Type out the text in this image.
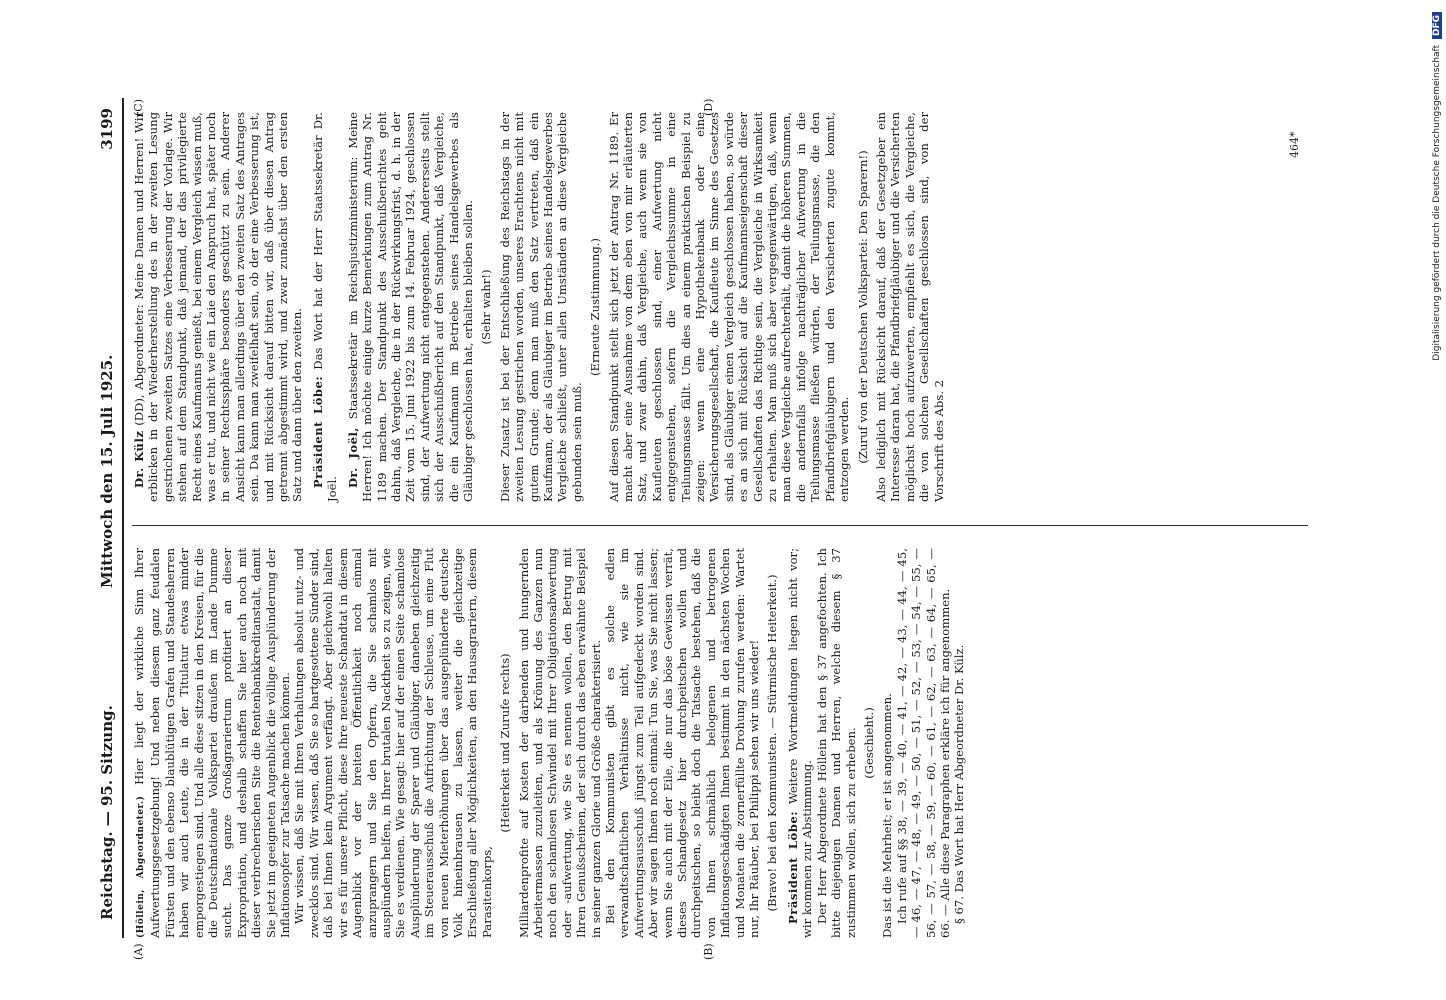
Reichstag. — 95. Sitzung.
Mittwoch den 15. Juli 1925.
3199
(A)	(B)
(C)	(D)

(Höllein, Abgeordneter.) Hier liegt der wirkliche Sinn Ihrer Aufwertungsgesetzgebung! Und neben diesem ganz feudalen Fürsten und den ebenso blaublütigen Grafen und Standesherren haben wir auch Leute, die in der Titulatur etwas minder emporgestiegen sind. Und alle diese sitzen in den Kreisen, für die die Deutschnationale Volkspartei draußen im Lande Dumme sucht. Das ganze Großagrariertum profitiert an dieser Expropriation, und deshalb schaffen Sie hier auch noch mit dieser verbrecherischen Site die Rentenbankkreditanstalt, damit Sie jetzt im geeigneten Augenblick die völlige Ausplünderung der Inflationsopfer zur Tatsache machen können. Wir wissen, daß Sie mit Ihren Verhaltungen absolut nutz- und zwecklos sind. Wir wissen, daß Sie so hartgesottene Sünder sind, daß bei Ihnen kein Argument verfängt. Aber gleichwohl halten wir es für unsere Pflicht, diese Ihre neueste Schandtat in diesem Augenblick vor der breiten Öffentlichkeit noch einmal anzuprangern und Sie den Opfern, die Sie schamlos mit ausplündern helfen, in Ihrer brutalen Nacktheit so zu zeigen, wie Sie es verdienen. Wie gesagt: hier auf der einen Seite schamlose Ausplünderung der Sparer und Gläubiger, daneben gleichzeitig im Steuerausschuß die Aufrichtung der Schleuse, um eine Flut von neuen Mieterhöhungen über das ausgeplünderte deutsche Volk hineinbrausen zu lassen, weiter die gleichzeitige Erschließung aller Möglichkeiten, an den Hausagrariern, diesem Parasitenkorps,

(Heiterkeit und Zurufe rechts) Milliardenprofite auf Kosten der darbenden und hungernden Arbeitermassen zuzuleiten, und als Krönung des Ganzen nun noch den schamlosen Schwindel mit Ihrer Obligationsabwertung oder -aufwertung, wie Sie es nennen wollen, den Betrug mit Ihren Genußscheinen, der sich durch das eben erwähnte Beispiel in seiner ganzen Glorie und Größe charakterisiert. Bei den Kommunisten gibt es solche edlen verwandtschaftlichen Verhältnisse nicht, wie sie im Aufwertungsausschuß jüngst zum Teil aufgedeckt worden sind. Aber wir sagen Ihnen noch einmal: Tun Sie, was Sie nicht lassen; wenn Sie auch mit der Eile, die nur das böse Gewissen verrät, dieses Schandgesetz hier durchpeitschen wollen und durchpeitschen, so bleibt doch die Tatsache bestehen, daß die von Ihnen schmählich belogenen und betrogenen Inflationsgeschädigten Ihnen bestimmt in den nächsten Wochen und Monaten die zornerfüllte Drohung zurufen werden: Wartet nur, Ihr Räuber, bei Philippi sehen wir uns wieder! (Bravo! bei den Kommunisten. — Stürmische Heiterkeit.) Präsident Löbe: Weitere Wortmeldungen liegen nicht vor; wir kommen zur Abstimmung. Der Herr Abgeordnete Höllein hat den § 37 angefochten. Ich bitte diejenigen Damen und Herren, welche diesem § 37 zustimmen wollen, sich zu erheben. (Geschieht.) Das ist die Mehrheit; er ist angenommen. Ich rufe auf §§ 38, — 39, — 40, — 41, — 42, — 43, — 44, — 45, — 46, — 47, — 48, — 49, — 50, — 51, — 52, — 53, — 54, — 55, — 56, — 57, — 58, — 59, — 60, — 61, — 62, — 63, — 64, — 65, — 66. — Alle diese Paragraphen erkläre ich für angenommen. § 67. Das Wort hat Herr Abgeordneter Dr. Külz.

Dr. Külz (DD), Abgeordneter: Meine Damen und Herren! Wir erblicken in der Wiederherstellung des in der zweiten Lesung gestrichenen zweiten Satzes eine Verbesserung der Vorlage. Wir stehen auf dem Standpunkt, daß jemand, der das privilegierte Recht eines Kaufmanns genießt, bei einem Vergleich wissen muß, was er tut, und nicht wie ein Laie den Anspruch hat, später noch in seiner Rechtssphäre besonders geschützt zu sein. Anderer Ansicht kann man allerdings über den zweiten Satz des Antrages sein. Da kann man zweifelhaft sein, ob der eine Verbesserung ist, und mit Rücksicht darauf bitten wir, daß über diesen Antrag getrennt abgestimmt wird, und zwar zunächst über den ersten Satz und dann über den zweiten. Präsident Löbe: Das Wort hat der Herr Staatssekretär Dr. Joël.

Dr. Joël, Staatssekretär im Reichsjustizministerium: Meine Herren! Ich möchte einige kurze Bemerkungen zum Antrag Nr. 1189 machen. Der Standpunkt des Ausschußberichtes geht dahin, daß Vergleiche, die in der Rückwirkungsfrist, d. h. in der Zeit vom 15. Juni 1922 bis zum 14. Februar 1924, geschlossen sind, der Aufwertung nicht entgegenstehen. Andererseits stellt sich der Ausschußbericht auf den Standpunkt, daß Vergleiche, die ein Kaufmann im Betriebe seines Handelsgewerbes als Gläubiger geschlossen hat, erhalten bleiben sollen. (Sehr wahr!) Dieser Zusatz ist bei der Entschließung des Reichstags in der zweiten Lesung gestrichen worden, unseres Erachtens nicht mit gutem Grunde; denn man muß den Satz vertreten, daß ein Kaufmann, der als Gläubiger im Betrieb seines Handelsgewerbes Vergleiche schließt, unter allen Umständen an diese Vergleiche gebunden sein muß.

(Erneute Zustimmung.) Auf diesen Standpunkt stellt sich jetzt der Antrag Nr. 1189. Er macht aber eine Ausnahme von dem eben von mir erläuterten Satz, und zwar dahin, daß Vergleiche, auch wenn sie von Kaufleuten geschlossen sind, einer Aufwertung nicht entgegenstehen, sofern die Vergleichssumme in eine Teilungsmasse fällt. Um dies an einem praktischen Beispiel zu zeigen: wenn eine Hypothekenbank oder eine Versicherungsgesellschaft, die Kaufleute im Sinne des Gesetzes sind, als Gläubiger einen Vergleich geschlossen haben, so würde es an sich mit Rücksicht auf die Kaufmannseigenschaft dieser Gesellschaften das Richtige sein, die Vergleiche in Wirksamkeit zu erhalten. Man muß sich aber vergegenwärtigen, daß, wenn man diese Vergleiche aufrechterhält, damit die höheren Summen, die andernfalls infolge nachträglicher Aufwertung in die Teilungsmasse fließen würden, der Teilungsmasse, die den Pfandbriefgläubigern und den Versicherten zugute kommt, entzogen werden. (Zuruf von der Deutschen Volkspartei: Den Sparern!) Also lediglich mit Rücksicht darauf, daß der Gesetzgeber ein Interesse daran hat, die Pfandbriefgläubiger und die Versicherten möglichst hoch aufzuwerten, empfiehlt es sich, die Vergleiche, die von solchen Gesellschaften geschlossen sind, von der Vorschrift des Abs. 2

464*	Digitalisierung gefördert durch die Deutsche Forschungsgemeinschaft DFG
